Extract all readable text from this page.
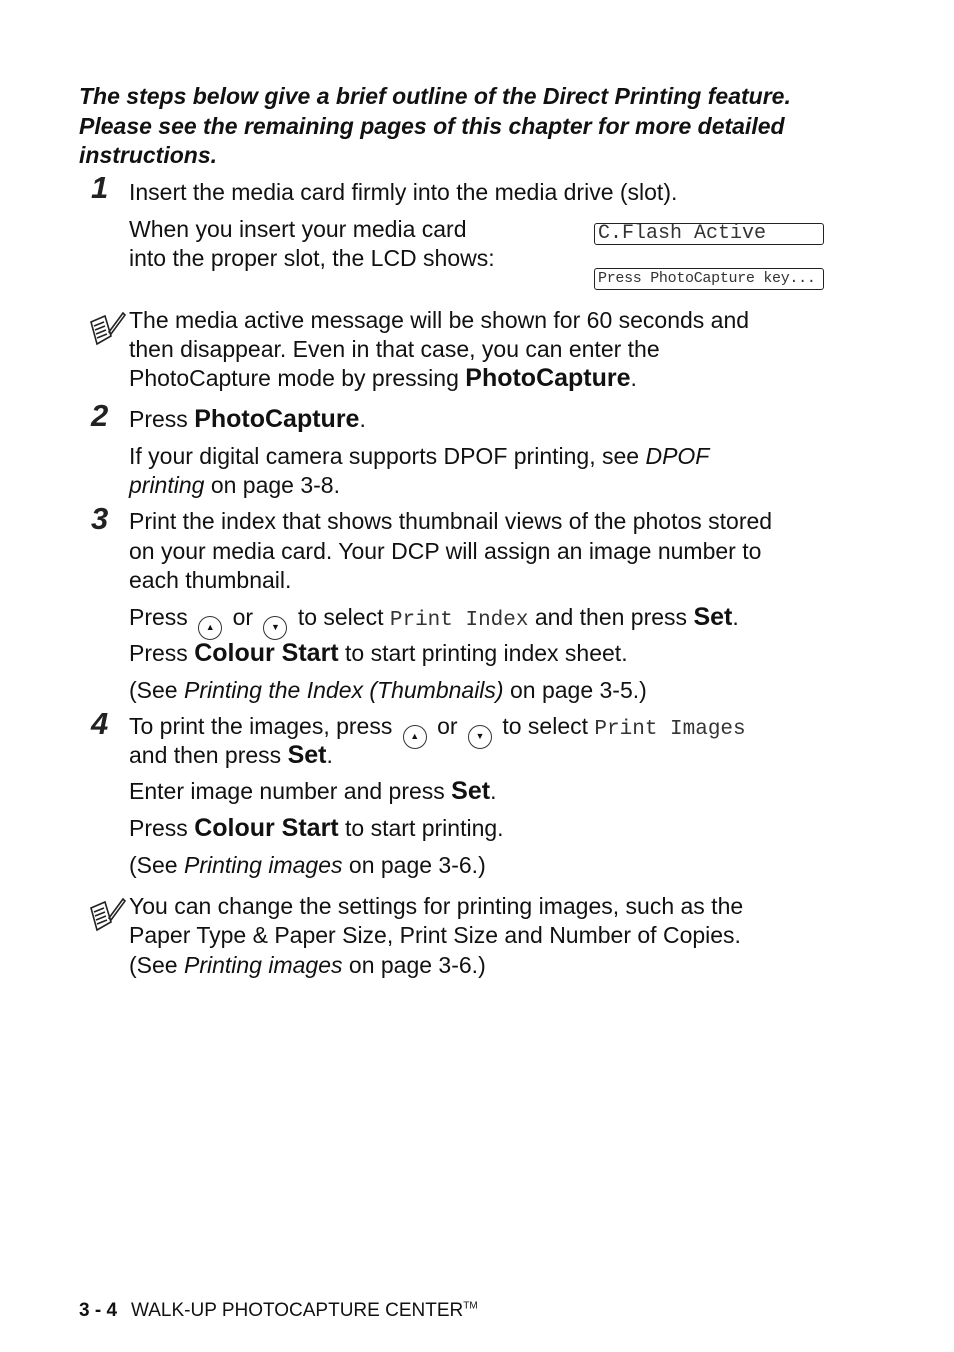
The steps below give a brief outline of the Direct Printing feature. Please see the remaining pages of this chapter for more detailed instructions.
1 Insert the media card firmly into the media drive (slot).
When you insert your media card
into the proper slot, the LCD shows:
C.Flash Active
Press PhotoCapture key...
The media active message will be shown for 60 seconds and
then disappear. Even in that case, you can enter the
PhotoCapture mode by pressing PhotoCapture.
2 Press PhotoCapture.
If your digital camera supports DPOF printing, see DPOF
printing on page 3-8.
3 Print the index that shows thumbnail views of the photos stored
on your media card. Your DCP will assign an image number to
each thumbnail.
Press ▲ or ▼ to select Print Index and then press Set.
Press Colour Start to start printing index sheet.
(See Printing the Index (Thumbnails) on page 3-5.)
4 To print the images, press ▲ or ▼ to select Print Images
and then press Set.
Enter image number and press Set.
Press Colour Start to start printing.
(See Printing images on page 3-6.)
You can change the settings for printing images, such as the
Paper Type & Paper Size, Print Size and Number of Copies.
(See Printing images on page 3-6.)
3 - 4 WALK-UP PHOTOCAPTURE CENTER™
